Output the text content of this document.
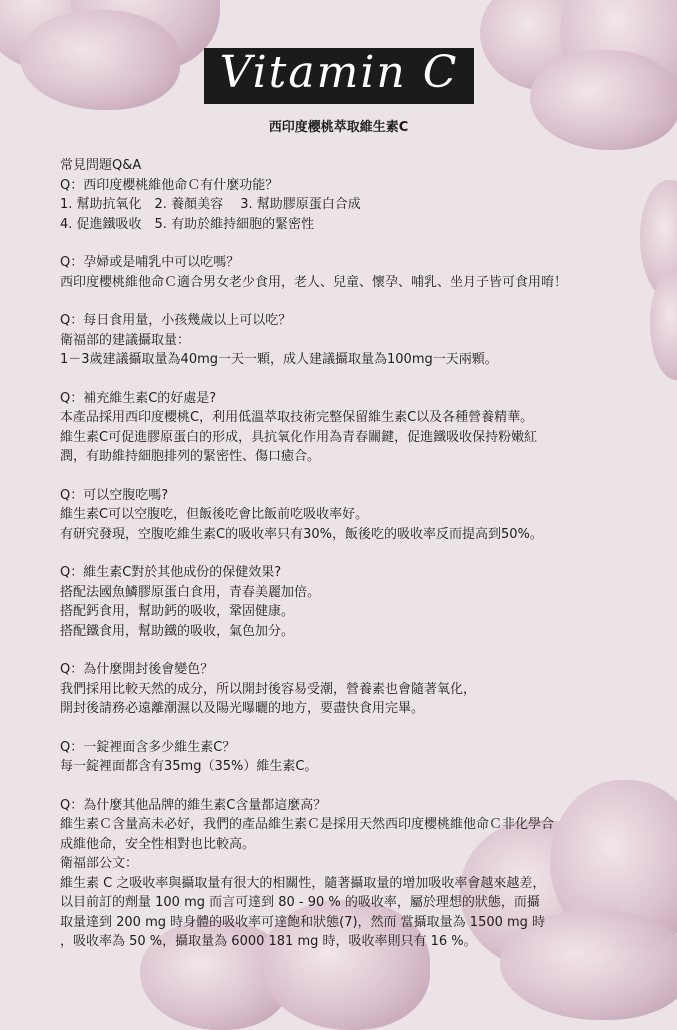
Vitamin C
西印度櫻桃萃取維生素C
常見問題Q&A
Q：西印度櫻桃維他命Ｃ有什麼功能？
1. 幫助抗氧化　2. 養顏美容　 3. 幫助膠原蛋白合成
4. 促進鐵吸收　5. 有助於維持細胞的緊密性
Q：孕婦或是哺乳中可以吃嗎？
西印度櫻桃維他命Ｃ適合男女老少食用，老人、兒童、懷孕、哺乳、坐月子皆可食用唷！
Q：每日食用量，小孩幾歲以上可以吃？
衛福部的建議攝取量：
1－3歲建議攝取量為40mg一天一顆，成人建議攝取量為100mg一天兩顆。
Q：補充維生素C的好處是?
本產品採用西印度櫻桃C，利用低溫萃取技術完整保留維生素C以及各種營養精華。
維生素C可促進膠原蛋白的形成，具抗氧化作用為青春關鍵，促進鐵吸收保持粉嫩紅
潤，有助維持細胞排列的緊密性、傷口癒合。
Q：可以空腹吃嗎?
維生素C可以空腹吃，但飯後吃會比飯前吃吸收率好。
有研究發現，空腹吃維生素C的吸收率只有30%，飯後吃的吸收率反而提高到50%。
Q：維生素C對於其他成份的保健效果?
搭配法國魚鱗膠原蛋白食用，青春美麗加倍。
搭配鈣食用，幫助鈣的吸收，鞏固健康。
搭配鐵食用，幫助鐵的吸收，氣色加分。
Q：為什麼開封後會變色？
我們採用比較天然的成分，所以開封後容易受潮，營養素也會隨著氧化，
開封後請務必遠離潮濕以及陽光曝曬的地方，要盡快食用完畢。
Q：一錠裡面含多少維生素C？
每一錠裡面都含有35mg（35%）維生素C。
Q：為什麼其他品牌的維生素C含量都這麼高？
維生素Ｃ含量高未必好，我們的產品維生素Ｃ是採用天然西印度櫻桃維他命Ｃ非化學合
成維他命，安全性相對也比較高。
衛福部公文：
維生素 C 之吸收率與攝取量有很大的相關性，隨著攝取量的增加吸收率會越來越差，
以目前訂的劑量 100 mg 而言可達到 80 - 90 % 的吸收率，屬於理想的狀態，而攝
取量達到 200 mg 時身體的吸收率可達飽和狀態(7)，然而 當攝取量為 1500 mg 時
，吸收率為 50 %，攝取量為 6000 181 mg 時，吸收率則只有 16 %。
